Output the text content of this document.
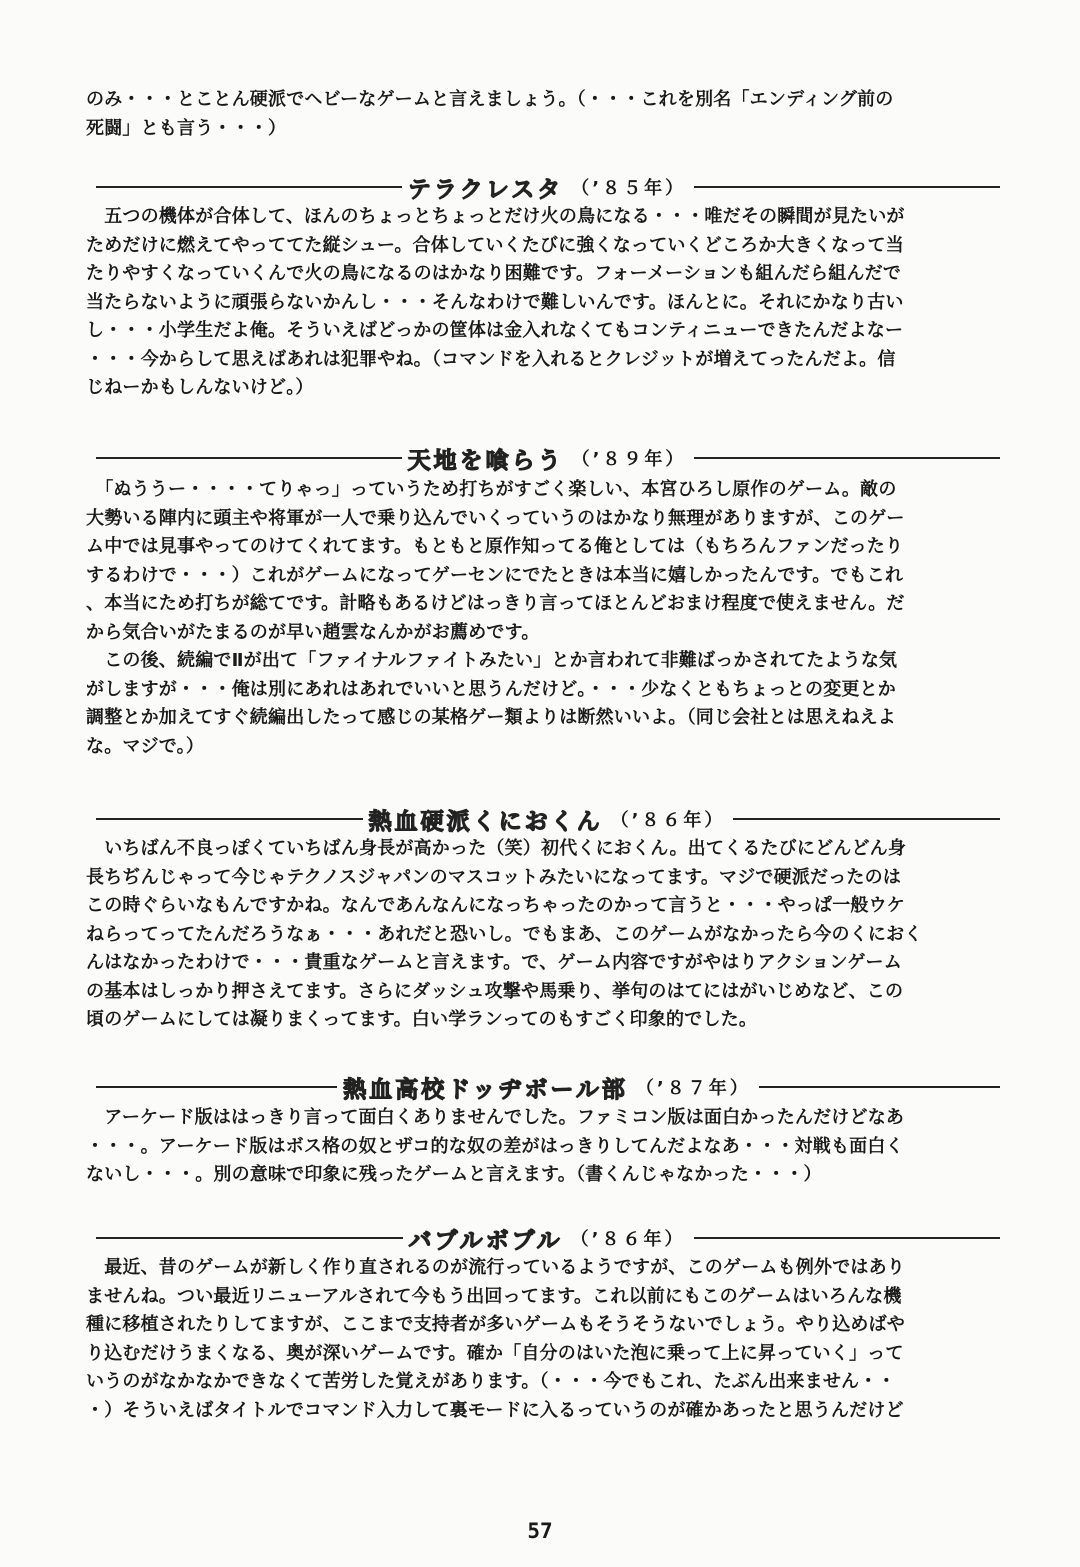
のみ・・・とことん硬派でヘビーなゲームと言えましょう。（・・・これを別名「エンディング前の
死闘」とも言う・・・）

テラクレスタ （’８５年）

　五つの機体が合体して、ほんのちょっとちょっとだけ火の鳥になる・・・唯だその瞬間が見たいが
ためだけに燃えてやっててた縦シュー。合体していくたびに強くなっていくどころか大きくなって当
たりやすくなっていくんで火の鳥になるのはかなり困難です。フォーメーションも組んだら組んだで
当たらないように頑張らないかんし・・・そんなわけで難しいんです。ほんとに。それにかなり古い
し・・・小学生だよ俺。そういえばどっかの筐体は金入れなくてもコンティニューできたんだよなー
・・・今からして思えばあれは犯罪やね。（コマンドを入れるとクレジットが増えてったんだよ。信
じねーかもしんないけど。）

天地を喰らう （’８９年）

　「ぬううー・・・・てりゃっ」っていうため打ちがすごく楽しい、本宮ひろし原作のゲーム。敵の
大勢いる陣内に頭主や将軍が一人で乗り込んでいくっていうのはかなり無理がありますが、このゲー
ム中では見事やってのけてくれてます。もともと原作知ってる俺としては（もちろんファンだったり
するわけで・・・）これがゲームになってゲーセンにでたときは本当に嬉しかったんです。でもこれ
、本当にため打ちが総てです。計略もあるけどはっきり言ってほとんどおまけ程度で使えません。だ
から気合いがたまるのが早い趙雲なんかがお薦めです。
　この後、続編でⅡが出て「ファイナルファイトみたい」とか言われて非難ばっかされてたような気
がしますが・・・俺は別にあれはあれでいいと思うんだけど。・・・少なくともちょっとの変更とか
調整とか加えてすぐ続編出したって感じの某格ゲー類よりは断然いいよ。（同じ会社とは思えねえよ
な。マジで。）

熱血硬派くにおくん （’８６年）

　いちばん不良っぽくていちばん身長が高かった（笑）初代くにおくん。出てくるたびにどんどん身
長ちぢんじゃって今じゃテクノスジャパンのマスコットみたいになってます。マジで硬派だったのは
この時ぐらいなもんですかね。なんであんなんになっちゃったのかって言うと・・・やっぱ一般ウケ
ねらってってたんだろうなぁ・・・あれだと恐いし。でもまあ、このゲームがなかったら今のくにおく
んはなかったわけで・・・貴重なゲームと言えます。で、ゲーム内容ですがやはりアクションゲーム
の基本はしっかり押さえてます。さらにダッシュ攻撃や馬乗り、挙句のはてにはがいじめなど、この
頃のゲームにしては凝りまくってます。白い学ランってのもすごく印象的でした。

熱血高校ドッヂボール部 （’８７年）

　アーケード版ははっきり言って面白くありませんでした。ファミコン版は面白かったんだけどなあ
・・・。アーケード版はボス格の奴とザコ的な奴の差がはっきりしてんだよなあ・・・対戦も面白く
ないし・・・。別の意味で印象に残ったゲームと言えます。（書くんじゃなかった・・・）

バブルボブル （’８６年）

　最近、昔のゲームが新しく作り直されるのが流行っているようですが、このゲームも例外ではあり
ませんね。つい最近リニューアルされて今もう出回ってます。これ以前にもこのゲームはいろんな機
種に移植されたりしてますが、ここまで支持者が多いゲームもそうそうないでしょう。やり込めばや
り込むだけうまくなる、奥が深いゲームです。確か「自分のはいた泡に乗って上に昇っていく」って
いうのがなかなかできなくて苦労した覚えがあります。（・・・今でもこれ、たぶん出来ません・・
・）そういえばタイトルでコマンド入力して裏モードに入るっていうのが確かあったと思うんだけど

57
